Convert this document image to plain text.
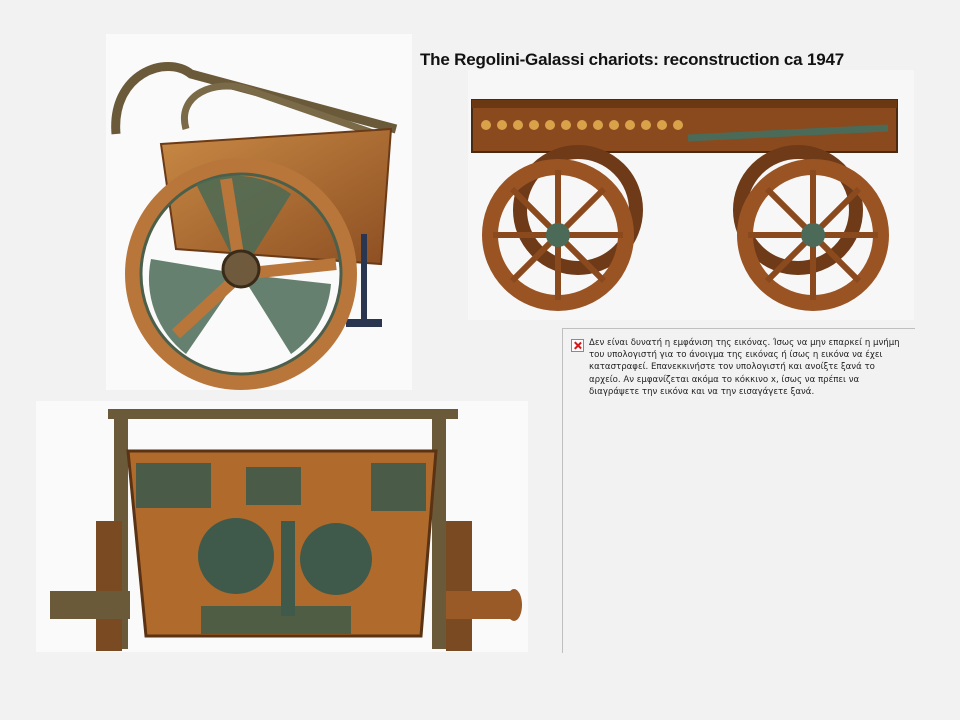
The Regolini-Galassi chariots: reconstruction ca 1947
Δεν είναι δυνατή η εμφάνιση της εικόνας. Ίσως να μην επαρκεί η μνήμη του υπολογιστή για το άνοιγμα της εικόνας ή ίσως η εικόνα να έχει καταστραφεί. Επανεκκινήστε τον υπολογιστή και ανοίξτε ξανά το αρχείο. Αν εμφανίζεται ακόμα το κόκκινο x, ίσως να πρέπει να διαγράψετε την εικόνα και να την εισαγάγετε ξανά.
